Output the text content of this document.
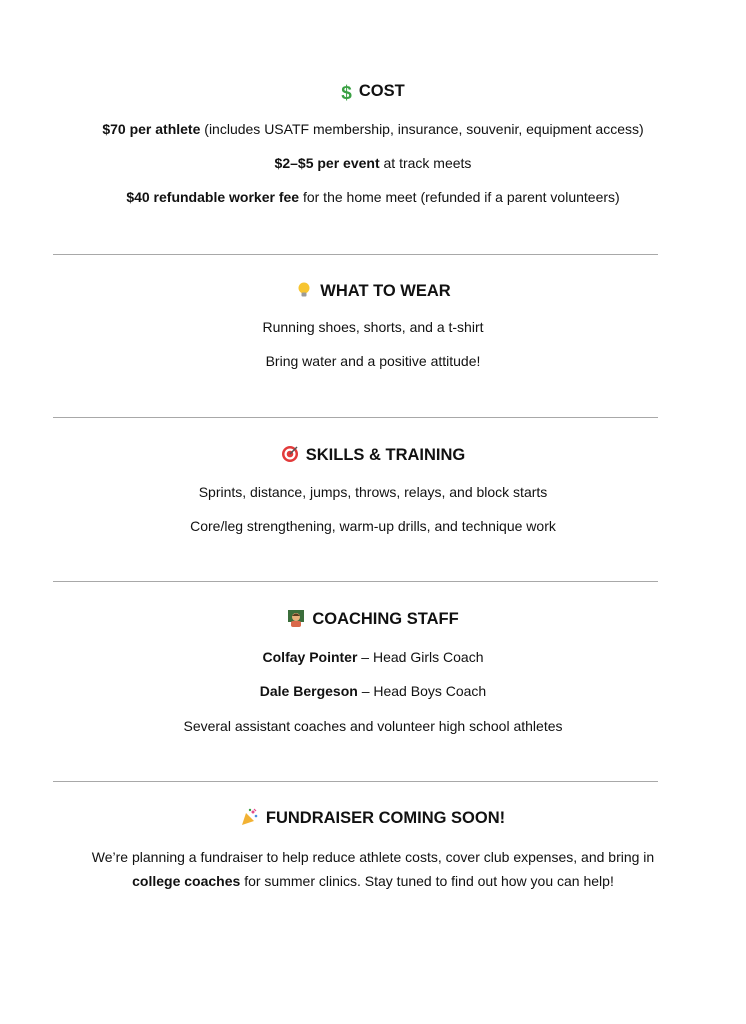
$ COST
$70 per athlete (includes USATF membership, insurance, souvenir, equipment access)
$2–$5 per event at track meets
$40 refundable worker fee for the home meet (refunded if a parent volunteers)
WHAT TO WEAR
Running shoes, shorts, and a t-shirt
Bring water and a positive attitude!
SKILLS & TRAINING
Sprints, distance, jumps, throws, relays, and block starts
Core/leg strengthening, warm-up drills, and technique work
COACHING STAFF
Colfay Pointer – Head Girls Coach
Dale Bergeson – Head Boys Coach
Several assistant coaches and volunteer high school athletes
FUNDRAISER COMING SOON!
We’re planning a fundraiser to help reduce athlete costs, cover club expenses, and bring in
college coaches for summer clinics. Stay tuned to find out how you can help!
